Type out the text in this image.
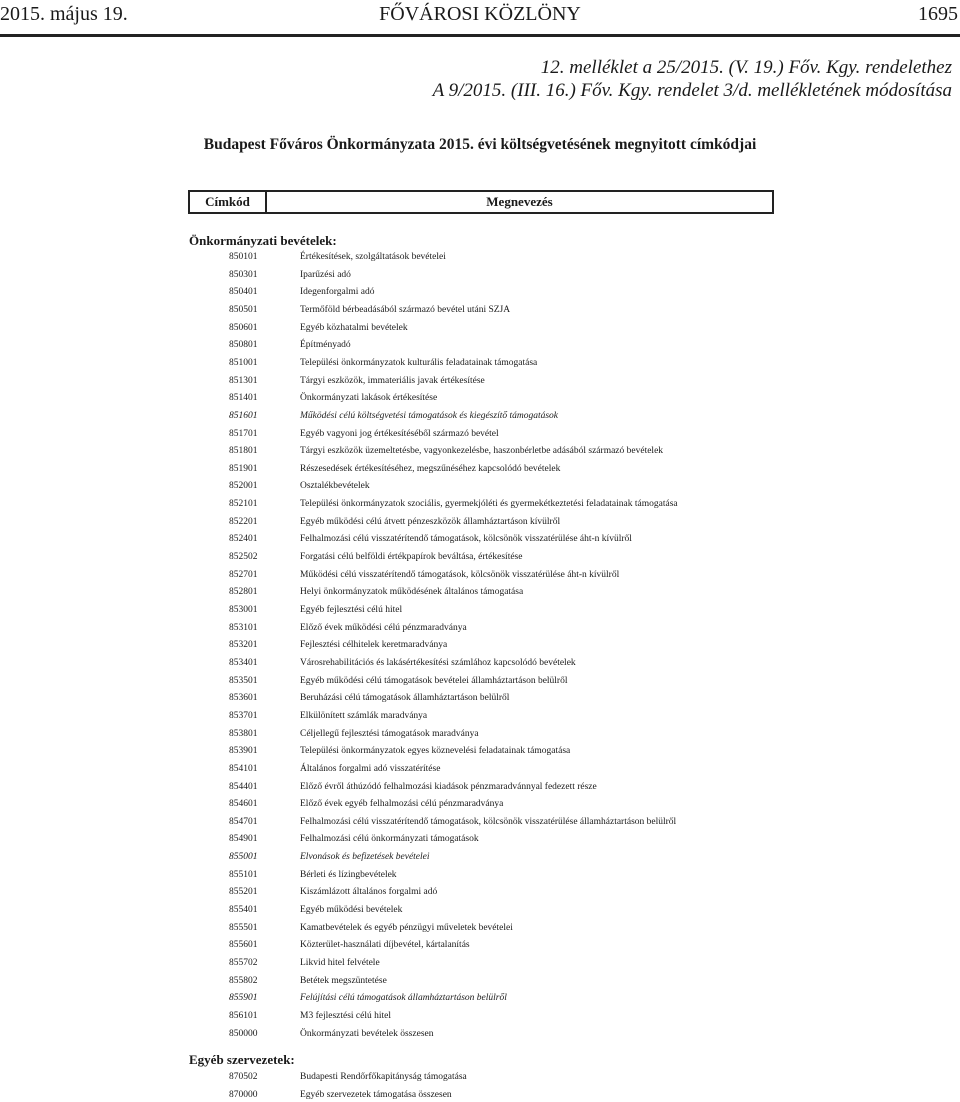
2015. május 19.	FŐVÁROSI KÖZLÖNY	1695
12. melléklet a 25/2015. (V. 19.) Főv. Kgy. rendelethez
A 9/2015. (III. 16.) Főv. Kgy. rendelet 3/d. mellékletének módosítása
Budapest Főváros Önkormányzata 2015. évi költségvetésének megnyitott címkódjai
Címkód	Megnevezés
Önkormányzati bevételek:
850101	Értékesítések, szolgáltatások bevételei
850301	Iparűzési adó
850401	Idegenforgalmi adó
850501	Termőföld bérbeadásából származó bevétel utáni SZJA
850601	Egyéb közhatalmi bevételek
850801	Építményadó
851001	Települési önkormányzatok kulturális feladatainak támogatása
851301	Tárgyi eszközök, immateriális javak értékesítése
851401	Önkormányzati lakások értékesítése
851601	Működési célú költségvetési támogatások és kiegészítő támogatások
851701	Egyéb vagyoni jog értékesítéséből származó bevétel
851801	Tárgyi eszközök üzemeltetésbe, vagyonkezelésbe, haszonbérletbe adásából származó bevételek
851901	Részesedések értékesítéséhez, megszűnéséhez kapcsolódó bevételek
852001	Osztalékbevételek
852101	Települési önkormányzatok szociális, gyermekjóléti és gyermekétkeztetési feladatainak támogatása
852201	Egyéb működési célú átvett pénzeszközök államháztartáson kívülről
852401	Felhalmozási célú visszatérítendő támogatások, kölcsönök visszatérülése áht-n kívülről
852502	Forgatási célú belföldi értékpapírok beváltása, értékesítése
852701	Működési célú visszatérítendő támogatások, kölcsönök visszatérülése áht-n kívülről
852801	Helyi önkormányzatok működésének általános támogatása
853001	Egyéb fejlesztési célú hitel
853101	Előző évek működési célú pénzmaradványa
853201	Fejlesztési célhitelek keretmaradványa
853401	Városrehabilitációs és lakásértékesítési számlához kapcsolódó bevételek
853501	Egyéb működési célú támogatások bevételei államháztartáson belülről
853601	Beruházási célú támogatások államháztartáson belülről
853701	Elkülönített számlák maradványa
853801	Céljellegű fejlesztési támogatások maradványa
853901	Települési önkormányzatok egyes köznevelési feladatainak támogatása
854101	Általános forgalmi adó visszatérítése
854401	Előző évről áthúzódó felhalmozási kiadások pénzmaradvánnyal fedezett része
854601	Előző évek egyéb felhalmozási célú pénzmaradványa
854701	Felhalmozási célú visszatérítendő támogatások, kölcsönök visszatérülése államháztartáson belülről
854901	Felhalmozási célú önkormányzati támogatások
855001	Elvonások és befizetések bevételei
855101	Bérleti és lízingbevételek
855201	Kiszámlázott általános forgalmi adó
855401	Egyéb működési bevételek
855501	Kamatbevételek és egyéb pénzügyi műveletek bevételei
855601	Közterület-használati díjbevétel, kártalanítás
855702	Likvid hitel felvétele
855802	Betétek megszüntetése
855901	Felújítási célú támogatások államháztartáson belülről
856101	M3 fejlesztési célú hitel
850000	Önkormányzati bevételek összesen
Egyéb szervezetek:
870502	Budapesti Rendőrfőkapitányság támogatása
870000	Egyéb szervezetek támogatása összesen
